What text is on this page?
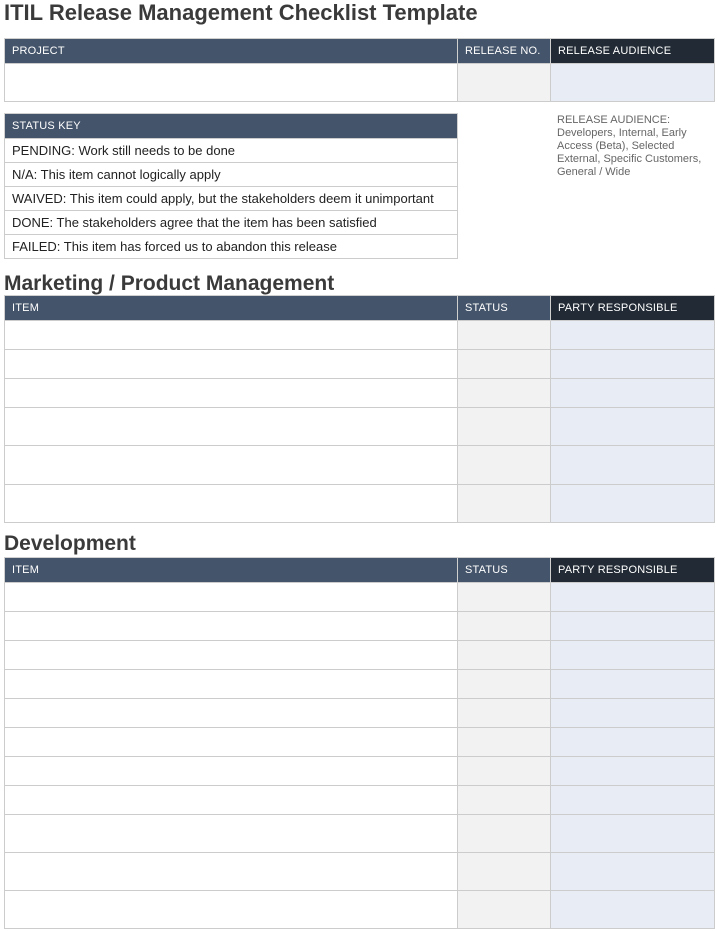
ITIL Release Management Checklist Template
PROJECT	RELEASE NO.	RELEASE AUDIENCE

STATUS KEY
PENDING: Work still needs to be done
N/A: This item cannot logically apply
WAIVED: This item could apply, but the stakeholders deem it unimportant
DONE: The stakeholders agree that the item has been satisfied
FAILED: This item has forced us to abandon this release
RELEASE AUDIENCE: Developers, Internal, Early Access (Beta), Selected External, Specific Customers, General / Wide
Marketing / Product Management
ITEM	STATUS	PARTY RESPONSIBLE

Development
ITEM	STATUS	PARTY RESPONSIBLE
